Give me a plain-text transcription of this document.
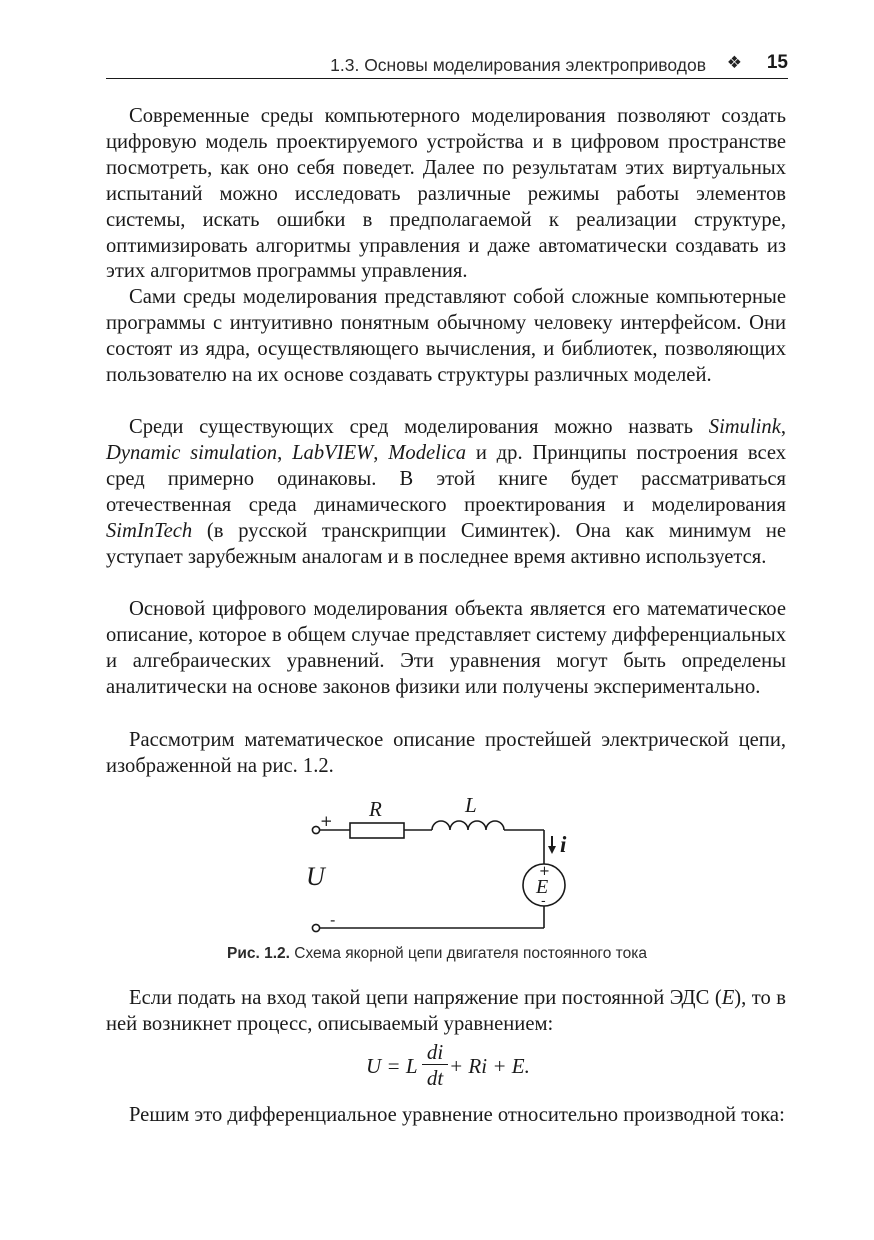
1.3. Основы моделирования электроприводов ❖ 15

Современные среды компьютерного моделирования позволяют создать цифровую модель проектируемого устройства и в цифровом пространстве посмотреть, как оно себя поведет. Далее по результатам этих виртуальных испытаний можно исследовать различные режимы работы элементов системы, искать ошибки в предполагаемой к реализации структуре, оптимизировать алгоритмы управления и даже автоматически создавать из этих алгоритмов программы управления.

Сами среды моделирования представляют собой сложные компьютерные программы с интуитивно понятным обычному человеку интерфейсом. Они состоят из ядра, осуществляющего вычисления, и библиотек, позволяющих пользователю на их основе создавать структуры различных моделей.

Среди существующих сред моделирования можно назвать Simulink, Dynamic simulation, LabVIEW, Modelica и др. Принципы построения всех сред примерно одинаковы. В этой книге будет рассматриваться отечественная среда динамического проектирования и моделирования SimInTech (в русской транскрипции Симинтек). Она как минимум не уступает зарубежным аналогам и в последнее время активно используется.

Основой цифрового моделирования объекта является его математическое описание, которое в общем случае представляет систему дифференциальных и алгебраических уравнений. Эти уравнения могут быть определены аналитически на основе законов физики или получены экспериментально.

Рассмотрим математическое описание простейшей электрической цепи, изображенной на рис. 1.2.

R	L
U	E
i
+
-
+
-
Рис. 1.2. Схема якорной цепи двигателя постоянного тока

Если подать на вход такой цепи напряжение при постоянной ЭДС (E), то в ней возникнет процесс, описываемый уравнением:

U = L
di
dt + Ri + E.

Решим это дифференциальное уравнение относительно производной тока:
